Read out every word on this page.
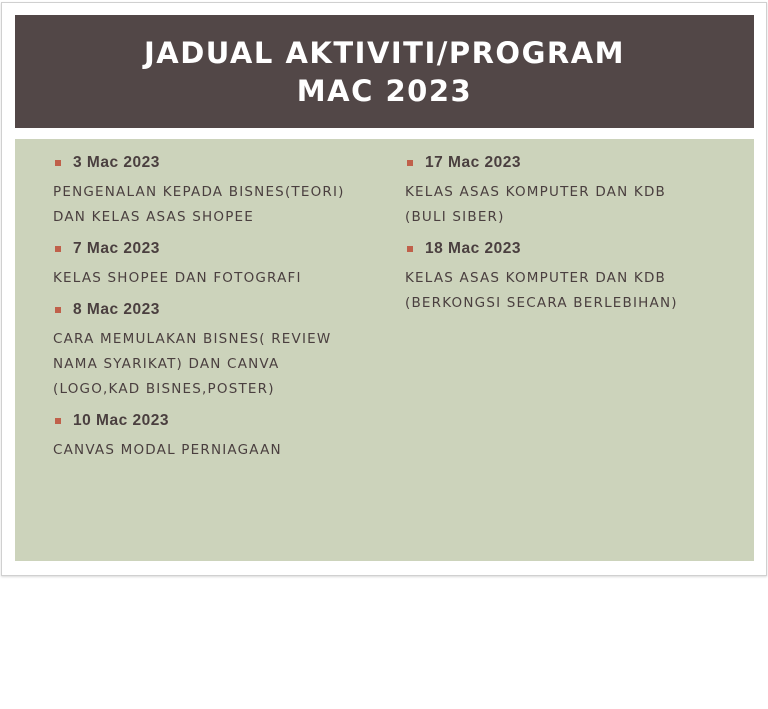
JADUAL AKTIVITI/PROGRAM
MAC 2023
3 Mac 2023
PENGENALAN KEPADA BISNES(TEORI)
DAN KELAS ASAS SHOPEE
7 Mac 2023
KELAS SHOPEE DAN FOTOGRAFI
8 Mac 2023
CARA MEMULAKAN BISNES( REVIEW
NAMA SYARIKAT) DAN CANVA
(LOGO,KAD BISNES,POSTER)
10 Mac 2023
CANVAS MODAL PERNIAGAAN
17 Mac 2023
KELAS ASAS KOMPUTER DAN KDB
(BULI SIBER)
18 Mac 2023
KELAS ASAS KOMPUTER DAN KDB
(BERKONGSI SECARA BERLEBIHAN)
